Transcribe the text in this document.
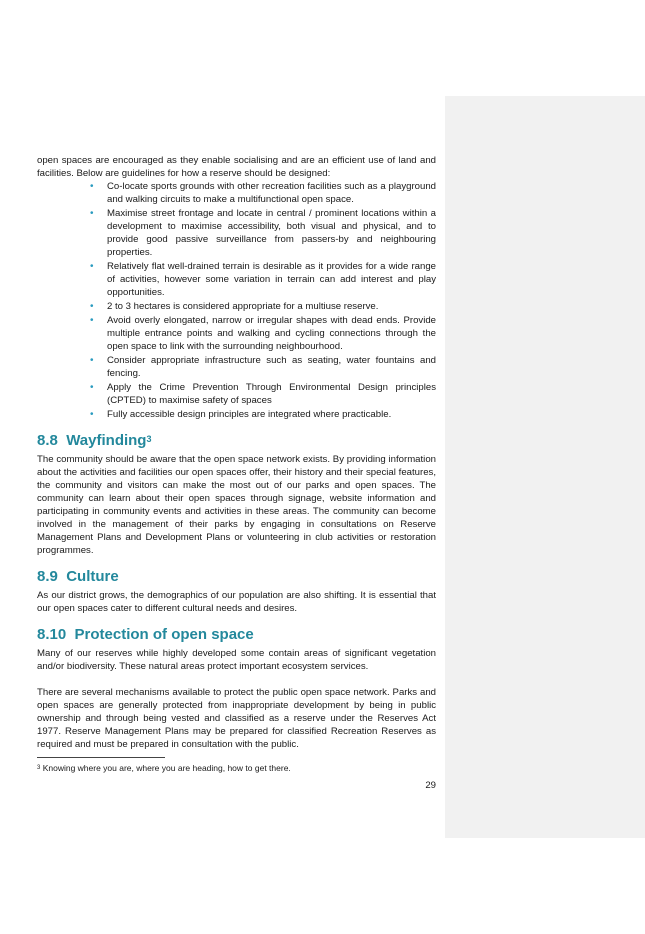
open spaces are encouraged as they enable socialising and are an efficient use of land and facilities. Below are guidelines for how a reserve should be designed:

• Co-locate sports grounds with other recreation facilities such as a playground and walking circuits to make a multifunctional open space.
• Maximise street frontage and locate in central / prominent locations within a development to maximise accessibility, both visual and physical, and to provide good passive surveillance from passers-by and neighbouring properties.
• Relatively flat well-drained terrain is desirable as it provides for a wide range of activities, however some variation in terrain can add interest and play opportunities.
• 2 to 3 hectares is considered appropriate for a multiuse reserve.
• Avoid overly elongated, narrow or irregular shapes with dead ends. Provide multiple entrance points and walking and cycling connections through the open space to link with the surrounding neighbourhood.
• Consider appropriate infrastructure such as seating, water fountains and fencing.
• Apply the Crime Prevention Through Environmental Design principles (CPTED) to maximise safety of spaces
• Fully accessible design principles are integrated where practicable.
8.8 Wayfinding$^3$

The community should be aware that the open space network exists. By providing information about the activities and facilities our open spaces offer, their history and their special features, the community and visitors can make the most out of our parks and open spaces. The community can learn about their open spaces through signage, website information and participating in community events and activities in these areas. The community can become involved in the management of their parks by engaging in consultations on Reserve Management Plans and Development Plans or volunteering in club activities or restoration programmes.

8.9 Culture

As our district grows, the demographics of our population are also shifting. It is essential that our open spaces cater to different cultural needs and desires.

8.10 Protection of open space

Many of our reserves while highly developed some contain areas of significant vegetation and/or biodiversity. These natural areas protect important ecosystem services.

There are several mechanisms available to protect the public open space network. Parks and open spaces are generally protected from inappropriate development by being in public ownership and through being vested and classified as a reserve under the Reserves Act 1977. Reserve Management Plans may be prepared for classified Recreation Reserves as required and must be prepared in consultation with the public.

$^3$ Knowing where you are, where you are heading, how to get there.
29
